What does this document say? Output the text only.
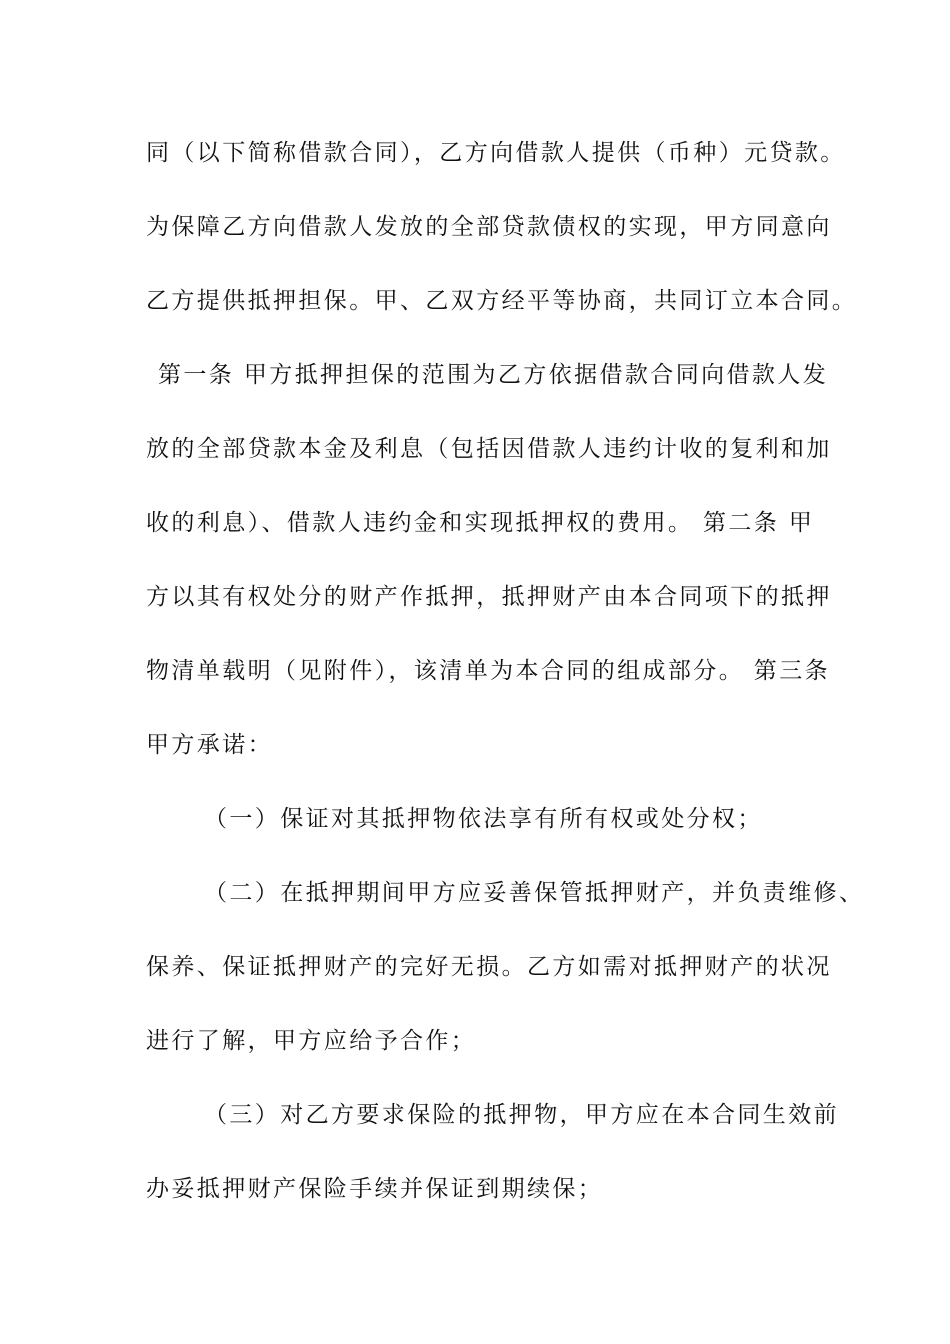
同（以下简称借款合同），乙方向借款人提供（币种）元贷款。
为保障乙方向借款人发放的全部贷款债权的实现，甲方同意向
乙方提供抵押担保。甲、乙双方经平等协商，共同订立本合同。
第一条 甲方抵押担保的范围为乙方依据借款合同向借款人发
放的全部贷款本金及利息（包括因借款人违约计收的复利和加
收的利息）、借款人违约金和实现抵押权的费用。 第二条 甲
方以其有权处分的财产作抵押，抵押财产由本合同项下的抵押
物清单载明（见附件），该清单为本合同的组成部分。 第三条
甲方承诺：
（一）保证对其抵押物依法享有所有权或处分权；
（二）在抵押期间甲方应妥善保管抵押财产，并负责维修、
保养、保证抵押财产的完好无损。乙方如需对抵押财产的状况
进行了解，甲方应给予合作；
（三）对乙方要求保险的抵押物，甲方应在本合同生效前
办妥抵押财产保险手续并保证到期续保；
